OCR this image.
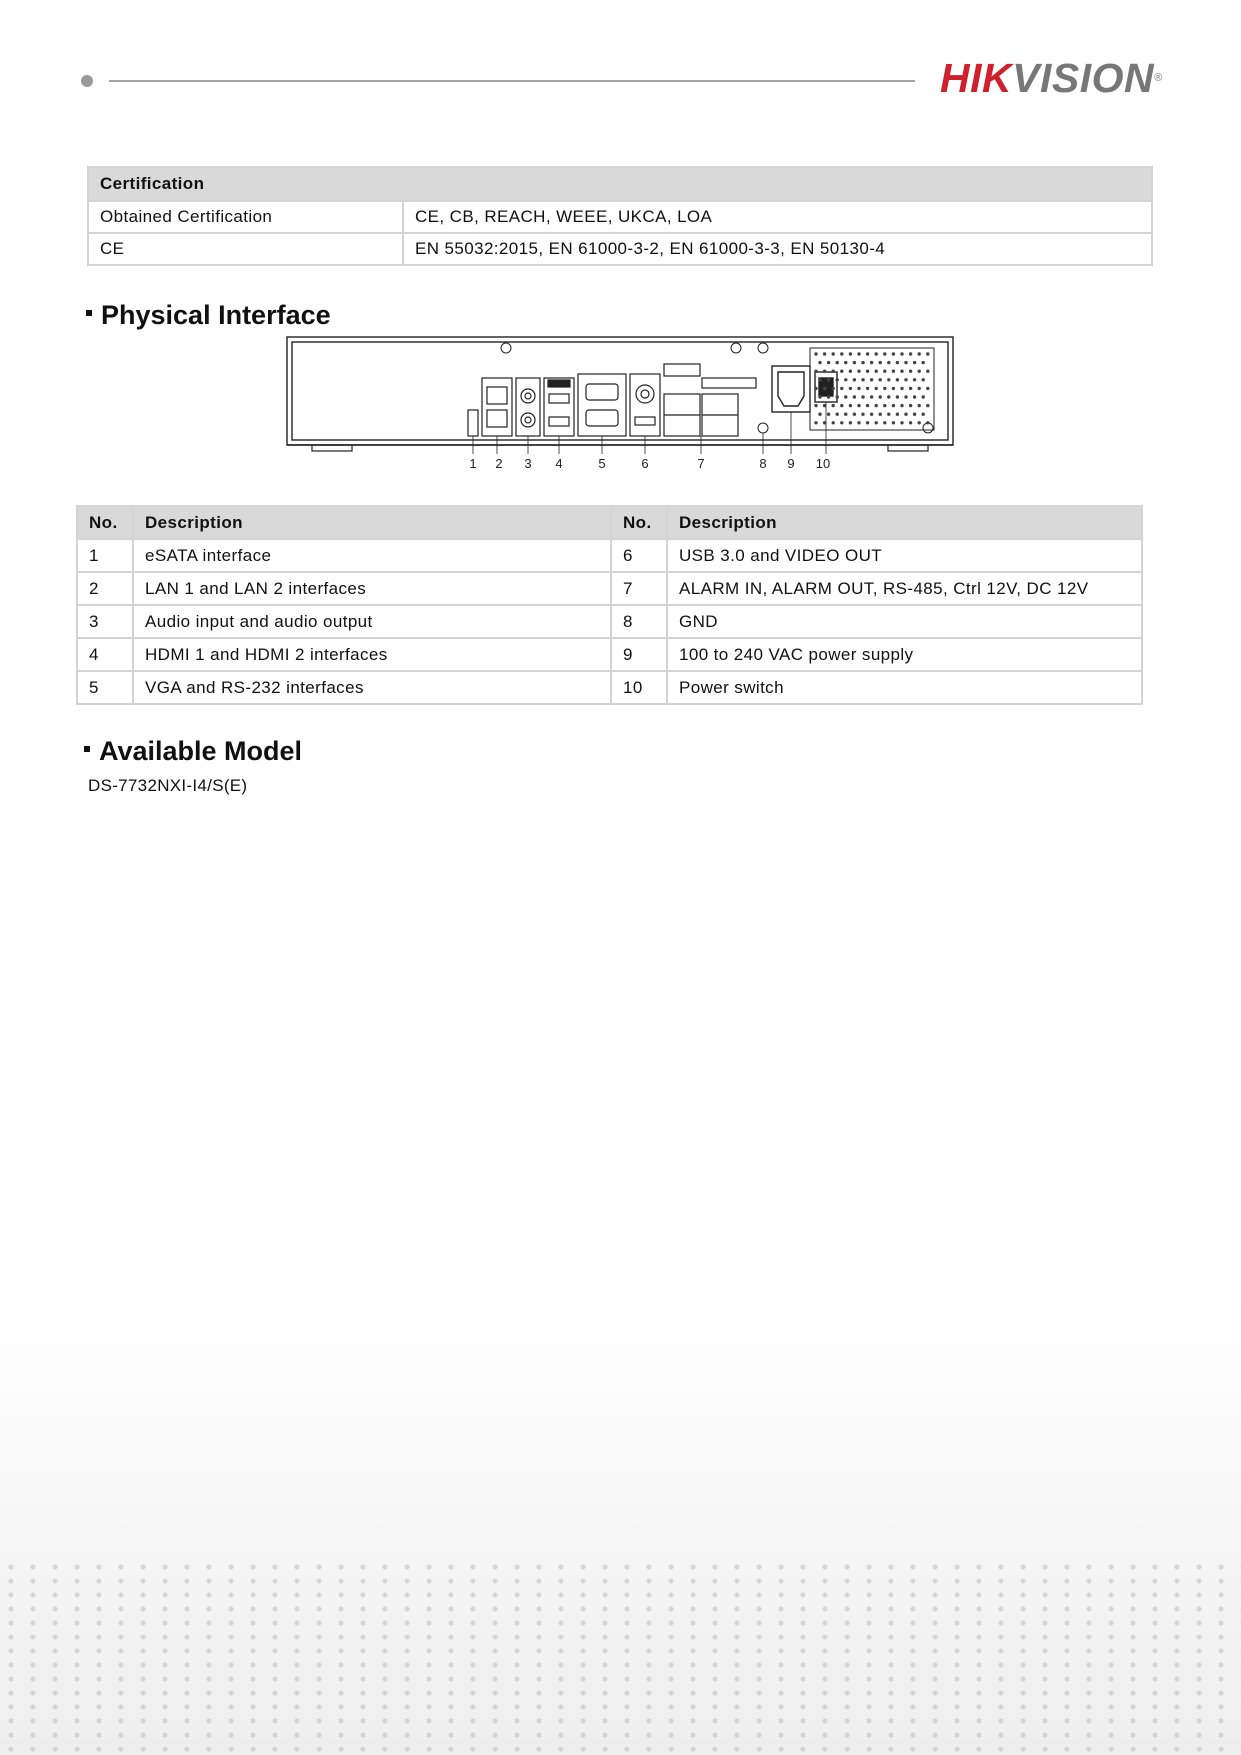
HIKVISION®
Certification	
Obtained Certification	CE, CB, REACH, WEEE, UKCA, LOA
CE	EN 55032:2015, EN 61000-3-2, EN 61000-3-3, EN 50130-4
Physical Interface
1 2 3 4	5	6	7	8 9 10
No.	Description	No.	Description
1	eSATA interface	6	USB 3.0 and VIDEO OUT
2	LAN 1 and LAN 2 interfaces	7	ALARM IN, ALARM OUT, RS-485, Ctrl 12V, DC 12V
3	Audio input and audio output	8	GND
4	HDMI 1 and HDMI 2 interfaces	9	100 to 240 VAC power supply
5	VGA and RS-232 interfaces	10	Power switch
Available Model
DS-7732NXI-I4/S(E)
